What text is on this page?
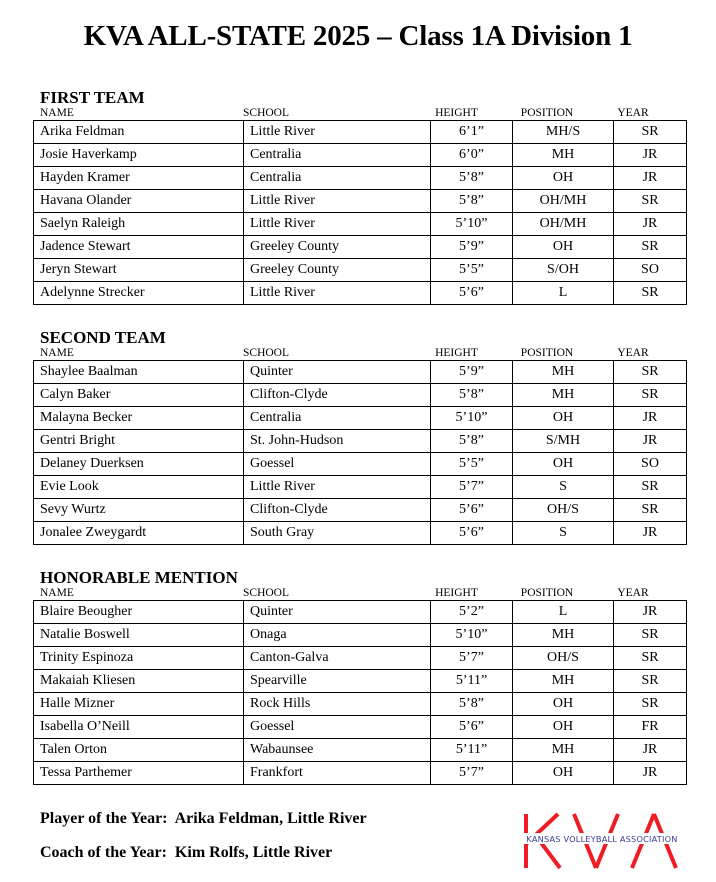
KVA ALL-STATE 2025 – Class 1A Division 1
FIRST TEAM
NAME	SCHOOL	HEIGHT	POSITION	YEAR
Arika Feldman	Little River	6’1”	MH/S	SR
Josie Haverkamp	Centralia	6’0”	MH	JR
Hayden Kramer	Centralia	5’8”	OH	JR
Havana Olander	Little River	5’8”	OH/MH	SR
Saelyn Raleigh	Little River	5’10”	OH/MH	JR
Jadence Stewart	Greeley County	5’9”	OH	SR
Jeryn Stewart	Greeley County	5’5”	S/OH	SO
Adelynne Strecker	Little River	5’6”	L	SR
SECOND TEAM
NAME	SCHOOL	HEIGHT	POSITION	YEAR
Shaylee Baalman	Quinter	5’9”	MH	SR
Calyn Baker	Clifton-Clyde	5’8”	MH	SR
Malayna Becker	Centralia	5’10”	OH	JR
Gentri Bright	St. John-Hudson	5’8”	S/MH	JR
Delaney Duerksen	Goessel	5’5”	OH	SO
Evie Look	Little River	5’7”	S	SR
Sevy Wurtz	Clifton-Clyde	5’6”	OH/S	SR
Jonalee Zweygardt	South Gray	5’6”	S	JR
HONORABLE MENTION
NAME	SCHOOL	HEIGHT	POSITION	YEAR
Blaire Beougher	Quinter	5’2”	L	JR
Natalie Boswell	Onaga	5’10”	MH	SR
Trinity Espinoza	Canton-Galva	5’7”	OH/S	SR
Makaiah Kliesen	Spearville	5’11”	MH	SR
Halle Mizner	Rock Hills	5’8”	OH	SR
Isabella O’Neill	Goessel	5’6”	OH	FR
Talen Orton	Wabaunsee	5’11”	MH	JR
Tessa Parthemer	Frankfort	5’7”	OH	JR
Player of the Year:  Arika Feldman, Little River
Coach of the Year:  Kim Rolfs, Little River
KANSAS VOLLEYBALL ASSOCIATION
